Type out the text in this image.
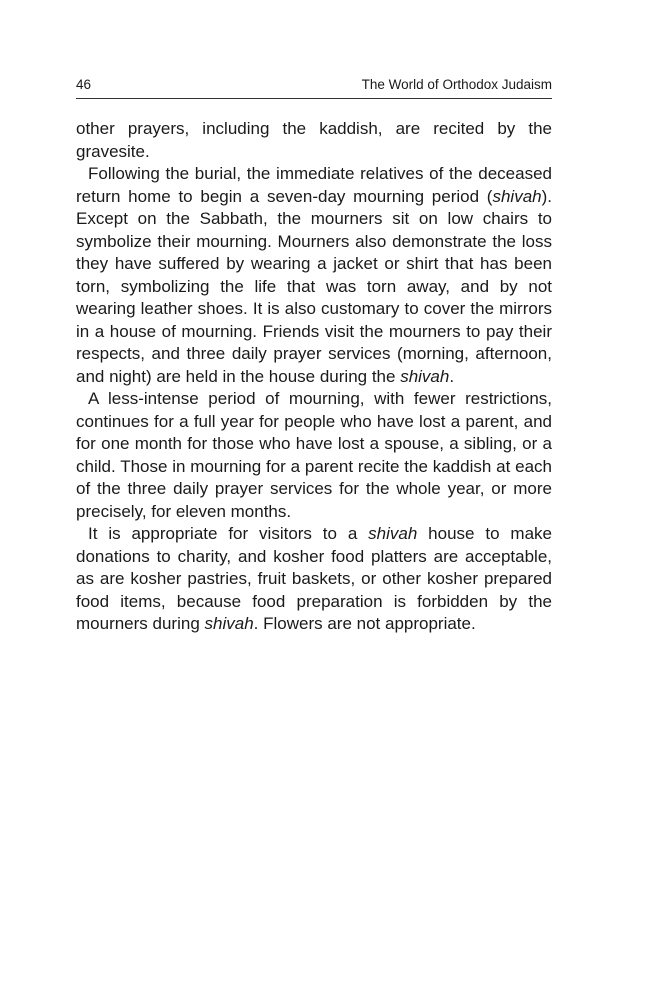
46	The World of Orthodox Judaism

other prayers, including the kaddish, are recited by the gravesite.

Following the burial, the immediate relatives of the deceased return home to begin a seven-day mourning period (shivah). Except on the Sabbath, the mourners sit on low chairs to symbolize their mourning. Mourners also demonstrate the loss they have suffered by wearing a jacket or shirt that has been torn, symbolizing the life that was torn away, and by not wearing leather shoes. It is also customary to cover the mirrors in a house of mourning. Friends visit the mourners to pay their respects, and three daily prayer services (morning, afternoon, and night) are held in the house during the shivah.

A less-intense period of mourning, with fewer restrictions, continues for a full year for people who have lost a parent, and for one month for those who have lost a spouse, a sibling, or a child. Those in mourning for a parent recite the kaddish at each of the three daily prayer services for the whole year, or more precisely, for eleven months.

It is appropriate for visitors to a shivah house to make donations to charity, and kosher food platters are acceptable, as are kosher pastries, fruit baskets, or other kosher prepared food items, because food preparation is forbidden by the mourners during shivah. Flowers are not appropriate.
